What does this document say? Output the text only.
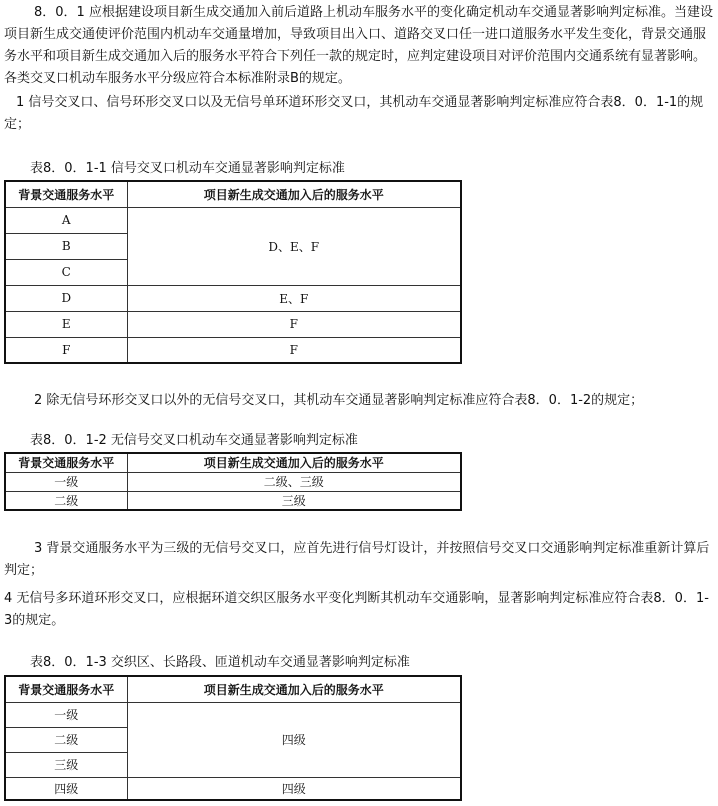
8．0．1 应根据建设项目新生成交通加入前后道路上机动车服务水平的变化确定机动车交通显著影响判定标准。当建设项目新生成交通使评价范围内机动车交通量增加，导致项目出入口、道路交叉口任一进口道服务水平发生变化，背景交通服务水平和项目新生成交通加入后的服务水平符合下列任一款的规定时，应判定建设项目对评价范围内交通系统有显著影响。各类交叉口机动车服务水平分级应符合本标准附录B的规定。

1 信号交叉口、信号环形交叉口以及无信号单环道环形交叉口，其机动车交通显著影响判定标准应符合表8．0．1-1的规定；

表8．0．1-1 信号交叉口机动车交通显著影响判定标准

背景交通服务水平	项目新生成交通加入后的服务水平
A	D、E、F
B	
C	
D	E、F
E	F
F	F

2 除无信号环形交叉口以外的无信号交叉口，其机动车交通显著影响判定标准应符合表8．0．1-2的规定；

表8．0．1-2 无信号交叉口机动车交通显著影响判定标准

背景交通服务水平	项目新生成交通加入后的服务水平
一级	二级、三级
二级	三级

3 背景交通服务水平为三级的无信号交叉口，应首先进行信号灯设计，并按照信号交叉口交通影响判定标准重新计算后判定；

4 无信号多环道环形交叉口，应根据环道交织区服务水平变化判断其机动车交通影响，显著影响判定标准应符合表8．0．1-3的规定。

表8．0．1-3 交织区、长路段、匝道机动车交通显著影响判定标准

背景交通服务水平	项目新生成交通加入后的服务水平
一级	四级
二级	
三级	
四级	四级
